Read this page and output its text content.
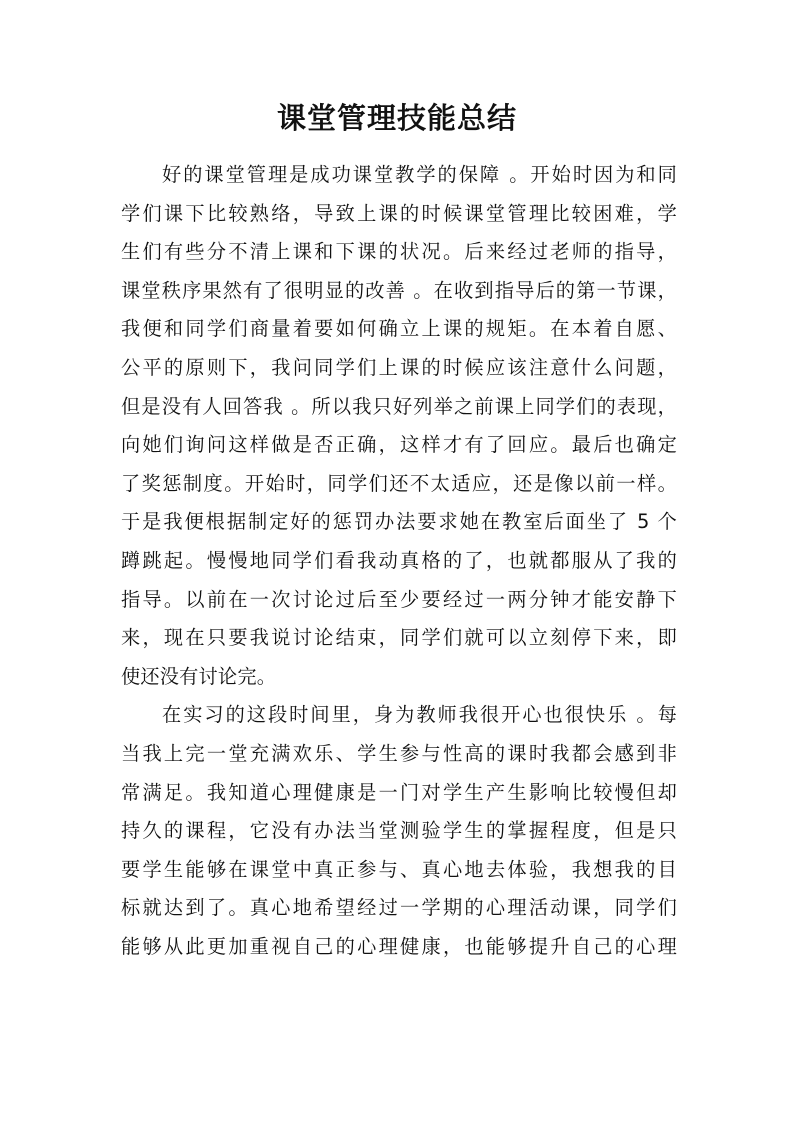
课堂管理技能总结
好的课堂管理是成功课堂教学的保障 。开始时因为和同
学们课下比较熟络，导致上课的时候课堂管理比较困难，学
生们有些分不清上课和下课的状况。后来经过老师的指导，
课堂秩序果然有了很明显的改善 。在收到指导后的第一节课，
我便和同学们商量着要如何确立上课的规矩。在本着自愿、
公平的原则下，我问同学们上课的时候应该注意什么问题，
但是没有人回答我 。所以我只好列举之前课上同学们的表现，
向她们询问这样做是否正确，这样才有了回应。最后也确定
了奖惩制度。开始时，同学们还不太适应，还是像以前一样。
于是我便根据制定好的惩罚办法要求她在教室后面坐了 5 个
蹲跳起。慢慢地同学们看我动真格的了，也就都服从了我的
指导。以前在一次讨论过后至少要经过一两分钟才能安静下
来，现在只要我说讨论结束，同学们就可以立刻停下来，即
使还没有讨论完。
在实习的这段时间里，身为教师我很开心也很快乐 。每
当我上完一堂充满欢乐、学生参与性高的课时我都会感到非
常满足。我知道心理健康是一门对学生产生影响比较慢但却
持久的课程，它没有办法当堂测验学生的掌握程度，但是只
要学生能够在课堂中真正参与、真心地去体验，我想我的目
标就达到了。真心地希望经过一学期的心理活动课，同学们
能够从此更加重视自己的心理健康，也能够提升自己的心理
